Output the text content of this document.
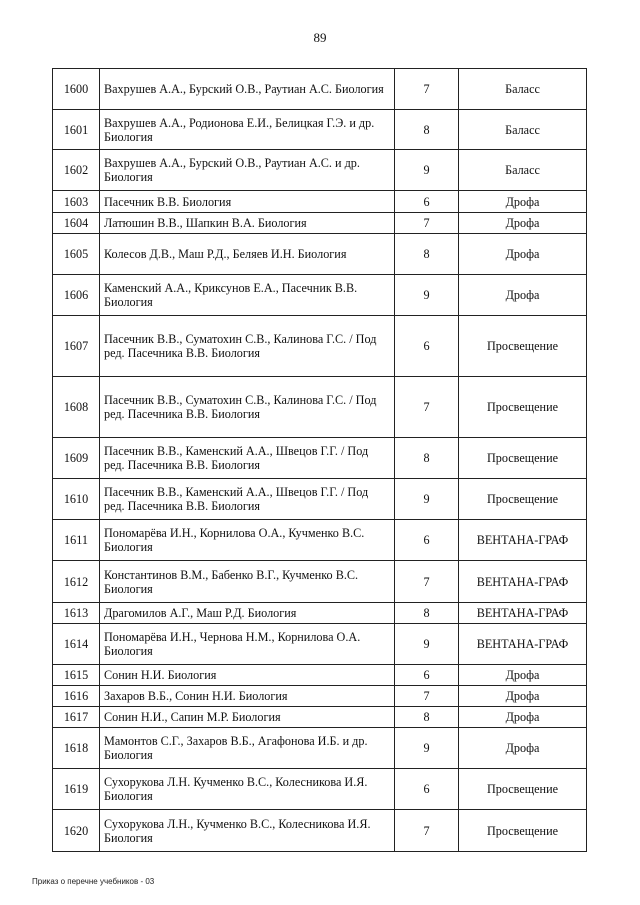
89
1600	Вахрушев А.А., Бурский О.В., Раутиан А.С. Биология	7	Баласс
1601	Вахрушев А.А., Родионова Е.И., Белицкая Г.Э. и др. Биология	8	Баласс
1602	Вахрушев А.А., Бурский О.В., Раутиан А.С. и др. Биология	9	Баласс
1603	Пасечник В.В. Биология	6	Дрофа
1604	Латюшин В.В., Шапкин В.А. Биология	7	Дрофа
1605	Колесов Д.В., Маш Р.Д., Беляев И.Н. Биология	8	Дрофа
1606	Каменский А.А., Криксунов Е.А., Пасечник В.В. Биология	9	Дрофа
1607	Пасечник В.В., Суматохин С.В., Калинова Г.С. / Под ред. Пасечника В.В. Биология	6	Просвещение
1608	Пасечник В.В., Суматохин С.В., Калинова Г.С. / Под ред. Пасечника В.В. Биология	7	Просвещение
1609	Пасечник В.В., Каменский А.А., Швецов Г.Г. / Под ред. Пасечника В.В. Биология	8	Просвещение
1610	Пасечник В.В., Каменский А.А., Швецов Г.Г. / Под ред. Пасечника В.В. Биология	9	Просвещение
1611	Пономарёва И.Н., Корнилова О.А., Кучменко В.С. Биология	6	ВЕНТАНА-ГРАФ
1612	Константинов В.М., Бабенко В.Г., Кучменко В.С. Биология	7	ВЕНТАНА-ГРАФ
1613	Драгомилов А.Г., Маш Р.Д. Биология	8	ВЕНТАНА-ГРАФ
1614	Пономарёва И.Н., Чернова Н.М., Корнилова О.А. Биология	9	ВЕНТАНА-ГРАФ
1615	Сонин Н.И. Биология	6	Дрофа
1616	Захаров В.Б., Сонин Н.И. Биология	7	Дрофа
1617	Сонин Н.И., Сапин М.Р. Биология	8	Дрофа
1618	Мамонтов С.Г., Захаров В.Б., Агафонова И.Б. и др. Биология	9	Дрофа
1619	Сухорукова Л.Н. Кучменко В.С., Колесникова И.Я. Биология	6	Просвещение
1620	Сухорукова Л.Н., Кучменко В.С., Колесникова И.Я. Биология	7	Просвещение
Приказ о перечне учебников - 03
